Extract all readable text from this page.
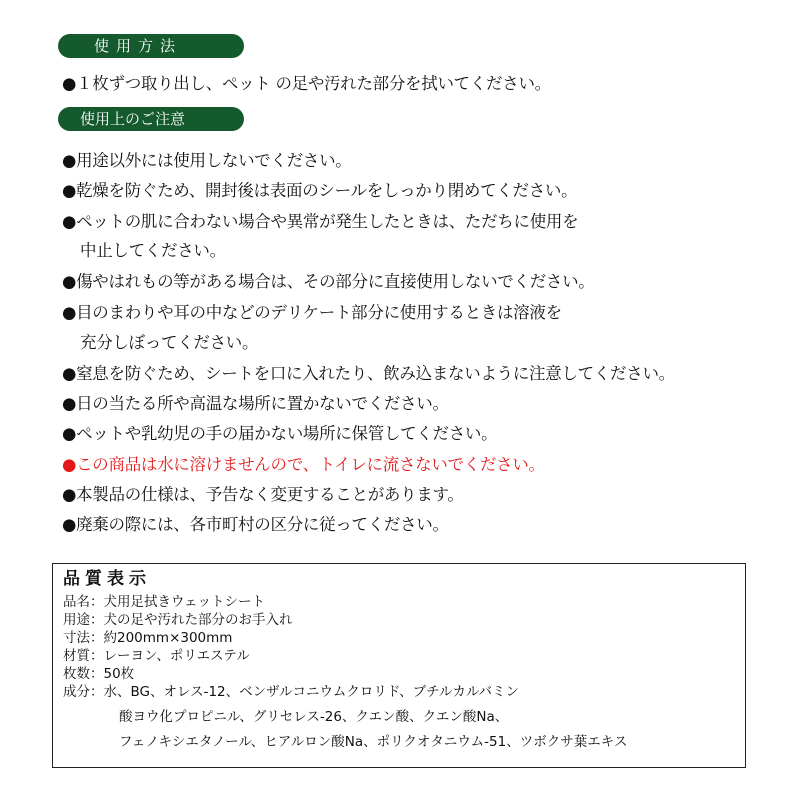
使用方法
●１枚ずつ取り出し、ペット の足や汚れた部分を拭いてください。
使用上のご注意
●用途以外には使用しないでください。
●乾燥を防ぐため、開封後は表面のシールをしっかり閉めてください。
●ペットの肌に合わない場合や異常が発生したときは、ただちに使用を
中止してください。
●傷やはれもの等がある場合は、その部分に直接使用しないでください。
●目のまわりや耳の中などのデリケート部分に使用するときは溶液を
充分しぼってください。
●窒息を防ぐため、シートを口に入れたり、飲み込まないように注意してください。
●日の当たる所や高温な場所に置かないでください。
●ペットや乳幼児の手の届かない場所に保管してください。
●この商品は水に溶けませんので、トイレに流さないでください。
●本製品の仕様は、予告なく変更することがあります。
●廃棄の際には、各市町村の区分に従ってください。
品質表示
品名：犬用足拭きウェットシート
用途：犬の足や汚れた部分のお手入れ
寸法：約200mm×300mm
材質：レーヨン、ポリエステル
枚数：50枚
成分：水、BG、オレス-12、ベンザルコニウムクロリド、ブチルカルバミン
酸ヨウ化プロピニル、グリセレス-26、クエン酸、クエン酸Na、
フェノキシエタノール、ヒアルロン酸Na、ポリクオタニウム-51、ツボクサ葉エキス
